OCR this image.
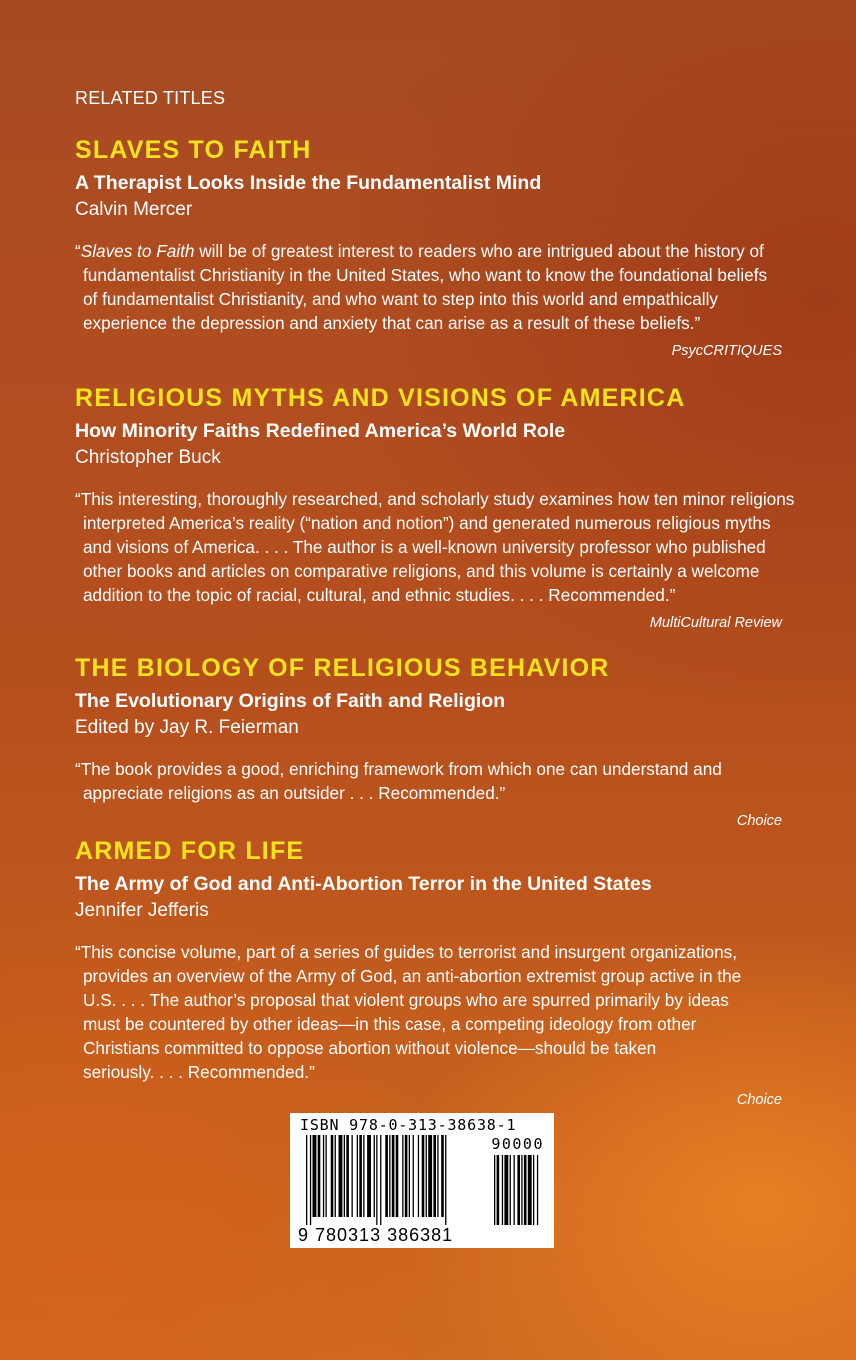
RELATED TITLES
SLAVES TO FAITH
A Therapist Looks Inside the Fundamentalist Mind
Calvin Mercer
“Slaves to Faith will be of greatest interest to readers who are intrigued about the history of
fundamentalist Christianity in the United States, who want to know the foundational beliefs
of fundamentalist Christianity, and who want to step into this world and empathically
experience the depression and anxiety that can arise as a result of these beliefs.”
PsycCRITIQUES
RELIGIOUS MYTHS AND VISIONS OF AMERICA
How Minority Faiths Redefined America’s World Role
Christopher Buck
“This interesting, thoroughly researched, and scholarly study examines how ten minor religions
interpreted America’s reality (“nation and notion”) and generated numerous religious myths
and visions of America. . . . The author is a well-known university professor who published
other books and articles on comparative religions, and this volume is certainly a welcome
addition to the topic of racial, cultural, and ethnic studies. . . . Recommended.”
MultiCultural Review
THE BIOLOGY OF RELIGIOUS BEHAVIOR
The Evolutionary Origins of Faith and Religion
Edited by Jay R. Feierman
“The book provides a good, enriching framework from which one can understand and
appreciate religions as an outsider . . . Recommended.”
Choice
ARMED FOR LIFE
The Army of God and Anti-Abortion Terror in the United States
Jennifer Jefferis
“This concise volume, part of a series of guides to terrorist and insurgent organizations,
provides an overview of the Army of God, an anti-abortion extremist group active in the
U.S. . . . The author’s proposal that violent groups who are spurred primarily by ideas
must be countered by other ideas—in this case, a competing ideology from other
Christians committed to oppose abortion without violence—should be taken
seriously. . . . Recommended.”
Choice
ISBN 978-0-313-38638-1
90000
9 780313 386381
